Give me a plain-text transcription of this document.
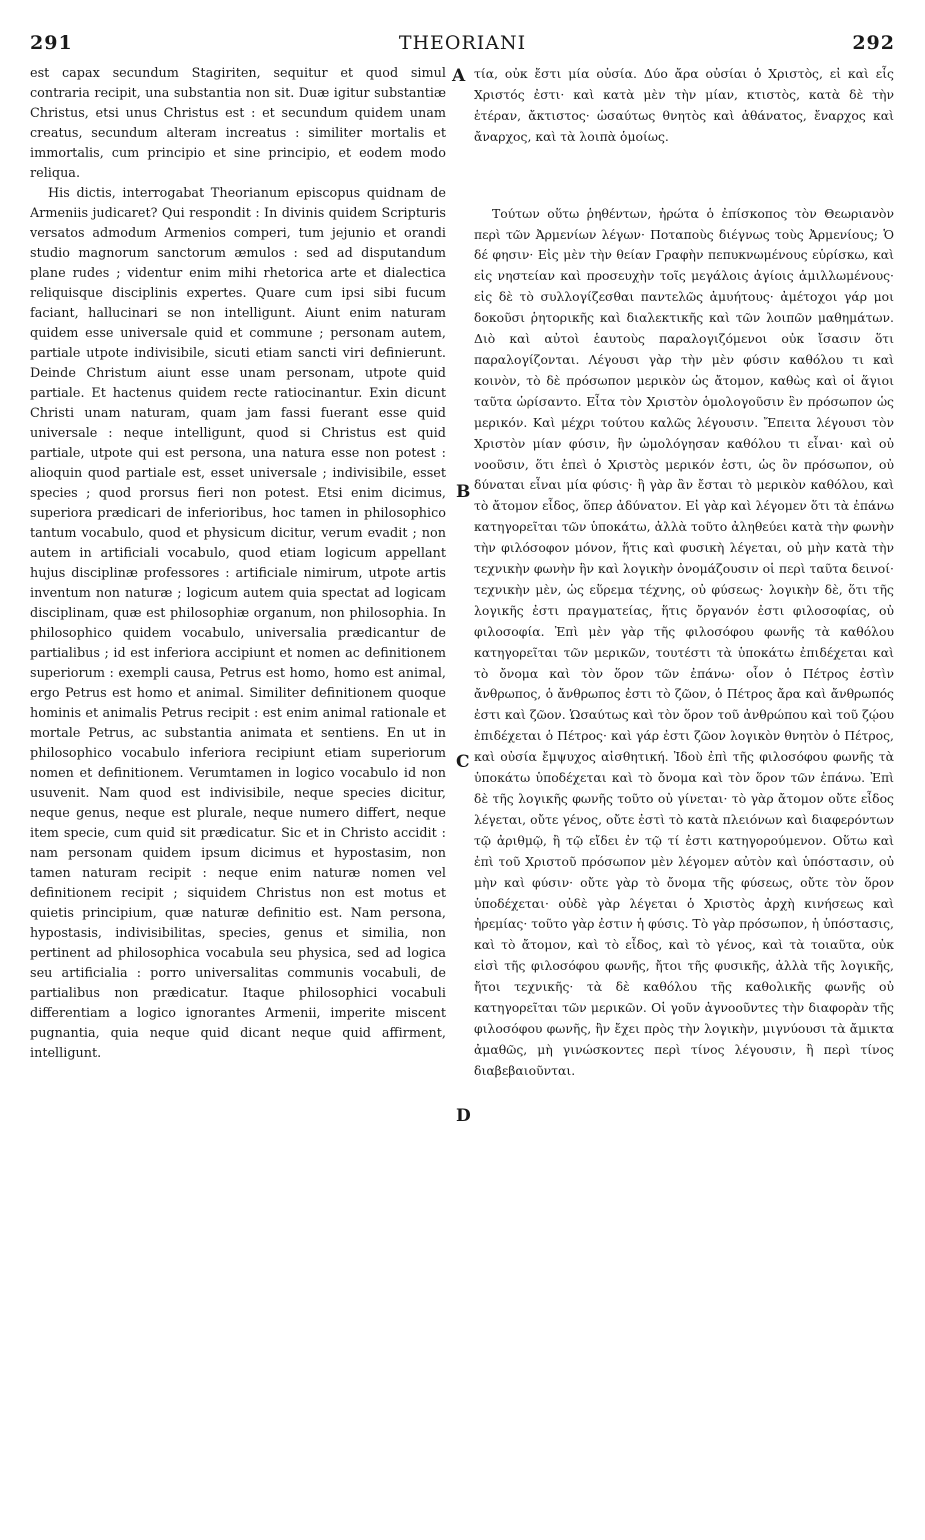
291	THEORIANI	292

est capax secundum Stagiriten, sequitur et quod simul contraria recipit, una substantia non sit. Duæ igitur substantiæ Christus, etsi unus Christus est : et secundum quidem unam creatus, secundum alteram increatus : similiter mortalis et immortalis, cum principio et sine principio, et eodem modo reliqua.

His dictis, interrogabat Theorianum episcopus quidnam de Armeniis judicaret? Qui respondit : In divinis quidem Scripturis versatos admodum Armenios comperi, tum jejunio et orandi studio magnorum sanctorum æmulos : sed ad disputandum plane rudes ; videntur enim mihi rhetorica arte et dialectica reliquisque disciplinis expertes. Quare cum ipsi sibi fucum faciant, hallucinari se non intelligunt. Aiunt enim naturam quidem esse universale quid et commune ; personam autem, partiale utpote indivisibile, sicuti etiam sancti viri definierunt. Deinde Christum aiunt esse unam personam, utpote quid partiale. Et hactenus quidem recte ratiocinantur. Exin dicunt Christi unam naturam, quam jam fassi fuerant esse quid universale : neque intelligunt, quod si Christus est quid partiale, utpote qui est persona, una natura esse non potest : alioquin quod partiale est, esset universale ; indivisibile, esset species ; quod prorsus fieri non potest. Etsi enim dicimus, superiora prædicari de inferioribus, hoc tamen in philosophico tantum vocabulo, quod et physicum dicitur, verum evadit ; non autem in artificiali vocabulo, quod etiam logicum appellant hujus disciplinæ professores : artificiale nimirum, utpote artis inventum non naturæ ; logicum autem quia spectat ad logicam disciplinam, quæ est philosophiæ organum, non philosophia. In philosophico quidem vocabulo, universalia prædicantur de partialibus ; id est inferiora accipiunt et nomen ac definitionem superiorum : exempli causa, Petrus est homo, homo est animal, ergo Petrus est homo et animal. Similiter definitionem quoque hominis et animalis Petrus recipit : est enim animal rationale et mortale Petrus, ac substantia animata et sentiens. En ut in philosophico vocabulo inferiora recipiunt etiam superiorum nomen et definitionem. Verumtamen in logico vocabulo id non usuvenit. Nam quod est indivisibile, neque species dicitur, neque genus, neque est plurale, neque numero differt, neque item specie, cum quid sit prædicatur. Sic et in Christo accidit : nam personam quidem ipsum dicimus et hypostasim, non tamen naturam recipit : neque enim naturæ nomen vel definitionem recipit ; siquidem Christus non est motus et quietis principium, quæ naturæ definitio est. Nam persona, hypostasis, indivisibilitas, species, genus et similia, non pertinent ad philosophica vocabula seu physica, sed ad logica seu artificialia : porro universalitas communis vocabuli, de partialibus non prædicatur. Itaque philosophici vocabuli differentiam a logico ignorantes Armenii, imperite miscent pugnantia, quia neque quid dicant neque quid affirment, intelligunt.

A
B
C
D

τία, οὐκ ἔστι μία οὐσία. Δύο ἄρα οὐσίαι ὁ Χριστὸς, εἰ καὶ εἷς Χριστός ἐστι· καὶ κατὰ μὲν τὴν μίαν, κτιστὸς, κατὰ δὲ τὴν ἑτέραν, ἄκτιστος· ὡσαύτως θνητὸς καὶ ἀθάνατος, ἔναρχος καὶ ἄναρχος, καὶ τὰ λοιπὰ ὁμοίως.

Τούτων οὕτω ῥηθέντων, ἠρώτα ὁ ἐπίσκοπος τὸν Θεωριανὸν περὶ τῶν Ἀρμενίων λέγων· Ποταποὺς διέγνως τοὺς Ἀρμενίους; Ὁ δέ φησιν· Εἰς μὲν τὴν θείαν Γραφὴν πεπυκνωμένους εὑρίσκω, καὶ εἰς νηστείαν καὶ προσευχὴν τοῖς μεγάλοις ἁγίοις ἁμιλλωμένους· εἰς δὲ τὸ συλλογίζεσθαι παντελῶς ἀμυήτους· ἀμέτοχοι γάρ μοι δοκοῦσι ῥητορικῆς καὶ διαλεκτικῆς καὶ τῶν λοιπῶν μαθημάτων. Διὸ καὶ αὐτοὶ ἑαυτοὺς παραλογιζόμενοι οὐκ ἴσασιν ὅτι παραλογίζονται. Λέγουσι γὰρ τὴν μὲν φύσιν καθόλου τι καὶ κοινὸν, τὸ δὲ πρόσωπον μερικὸν ὡς ἄτομον, καθὼς καὶ οἱ ἅγιοι ταῦτα ὡρίσαντο. Εἶτα τὸν Χριστὸν ὁμολογοῦσιν ἓν πρόσωπον ὡς μερικόν. Καὶ μέχρι τούτου καλῶς λέγουσιν. Ἔπειτα λέγουσι τὸν Χριστὸν μίαν φύσιν, ἣν ὡμολόγησαν καθόλου τι εἶναι· καὶ οὐ νοοῦσιν, ὅτι ἐπεὶ ὁ Χριστὸς μερικόν ἐστι, ὡς ὂν πρόσωπον, οὐ δύναται εἶναι μία φύσις· ἢ γὰρ ἂν ἔσται τὸ μερικὸν καθόλου, καὶ τὸ ἄτομον εἶδος, ὅπερ ἀδύνατον. Εἰ γὰρ καὶ λέγομεν ὅτι τὰ ἐπάνω κατηγορεῖται τῶν ὑποκάτω, ἀλλὰ τοῦτο ἀληθεύει κατὰ τὴν φωνὴν τὴν φιλόσοφον μόνον, ἥτις καὶ φυσικὴ λέγεται, οὐ μὴν κατὰ τὴν τεχνικὴν φωνὴν ἣν καὶ λογικὴν ὀνομάζουσιν οἱ περὶ ταῦτα δεινοί· τεχνικὴν μὲν, ὡς εὕρεμα τέχνης, οὐ φύσεως· λογικὴν δὲ, ὅτι τῆς λογικῆς ἐστι πραγματείας, ἥτις ὄργανόν ἐστι φιλοσοφίας, οὐ φιλοσοφία. Ἐπὶ μὲν γὰρ τῆς φιλοσόφου φωνῆς τὰ καθόλου κατηγορεῖται τῶν μερικῶν, τουτέστι τὰ ὑποκάτω ἐπιδέχεται καὶ τὸ ὄνομα καὶ τὸν ὅρον τῶν ἐπάνω· οἷον ὁ Πέτρος ἐστὶν ἄνθρωπος, ὁ ἄνθρωπος ἐστι τὸ ζῶον, ὁ Πέτρος ἄρα καὶ ἄνθρωπός ἐστι καὶ ζῶον. Ὡσαύτως καὶ τὸν ὅρον τοῦ ἀνθρώπου καὶ τοῦ ζῴου ἐπιδέχεται ὁ Πέτρος· καὶ γάρ ἐστι ζῶον λογικὸν θνητὸν ὁ Πέτρος, καὶ οὐσία ἔμψυχος αἰσθητική. Ἰδοὺ ἐπὶ τῆς φιλοσόφου φωνῆς τὰ ὑποκάτω ὑποδέχεται καὶ τὸ ὄνομα καὶ τὸν ὅρον τῶν ἐπάνω. Ἐπὶ δὲ τῆς λογικῆς φωνῆς τοῦτο οὐ γίνεται· τὸ γὰρ ἄτομον οὔτε εἶδος λέγεται, οὔτε γένος, οὔτε ἐστὶ τὸ κατὰ πλειόνων καὶ διαφερόντων τῷ ἀριθμῷ, ἢ τῷ εἴδει ἐν τῷ τί ἐστι κατηγορούμενον. Οὕτω καὶ ἐπὶ τοῦ Χριστοῦ πρόσωπον μὲν λέγομεν αὐτὸν καὶ ὑπόστασιν, οὐ μὴν καὶ φύσιν· οὔτε γὰρ τὸ ὄνομα τῆς φύσεως, οὔτε τὸν ὅρον ὑποδέχεται· οὐδὲ γὰρ λέγεται ὁ Χριστὸς ἀρχὴ κινήσεως καὶ ἠρεμίας· τοῦτο γὰρ ἐστιν ἡ φύσις. Τὸ γὰρ πρόσωπον, ἡ ὑπόστασις, καὶ τὸ ἄτομον, καὶ τὸ εἶδος, καὶ τὸ γένος, καὶ τὰ τοιαῦτα, οὐκ εἰσὶ τῆς φιλοσόφου φωνῆς, ἤτοι τῆς φυσικῆς, ἀλλὰ τῆς λογικῆς, ἤτοι τεχνικῆς· τὰ δὲ καθόλου τῆς καθολικῆς φωνῆς οὐ κατηγορεῖται τῶν μερικῶν. Οἱ γοῦν ἀγνοοῦντες τὴν διαφορὰν τῆς φιλοσόφου φωνῆς, ἣν ἔχει πρὸς τὴν λογικὴν, μιγνύουσι τὰ ἄμικτα ἀμαθῶς, μὴ γινώσκοντες περὶ τίνος λέγουσιν, ἢ περὶ τίνος διαβεβαιοῦνται.
